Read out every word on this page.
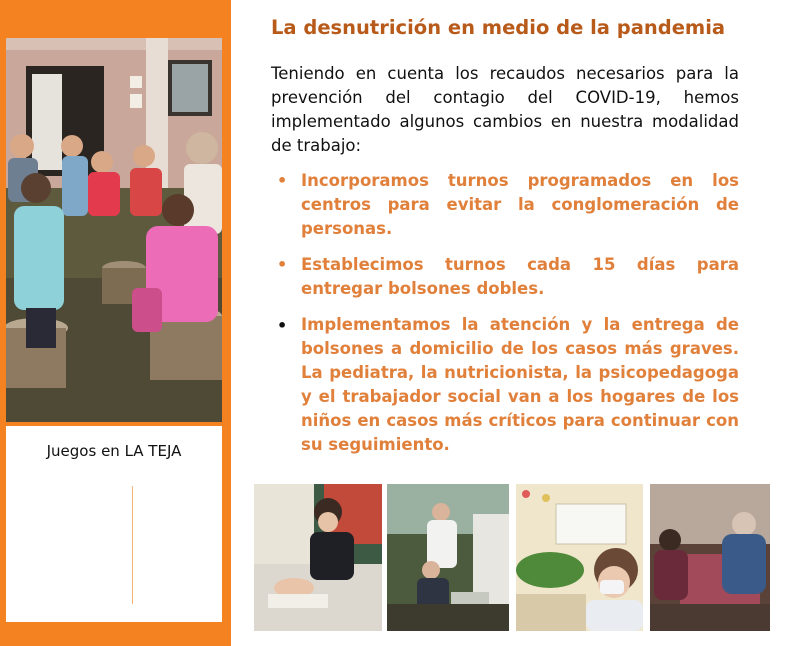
Juegos en LA TEJA
La desnutrición en medio de la pandemia

Teniendo en cuenta los recaudos necesarios para la prevención del contagio del COVID-19, hemos implementado algunos cambios en nuestra modalidad de trabajo:

• Incorporamos turnos programados en los centros para evitar la conglomeración de personas.
• Establecimos turnos cada 15 días para entregar bolsones dobles.
• Implementamos la atención y la entrega de bolsones a domicilio de los casos más graves. La pediatra, la nutricionista, la psicopedagoga y el trabajador social van a los hogares de los niños en casos más críticos para continuar con su seguimiento.
